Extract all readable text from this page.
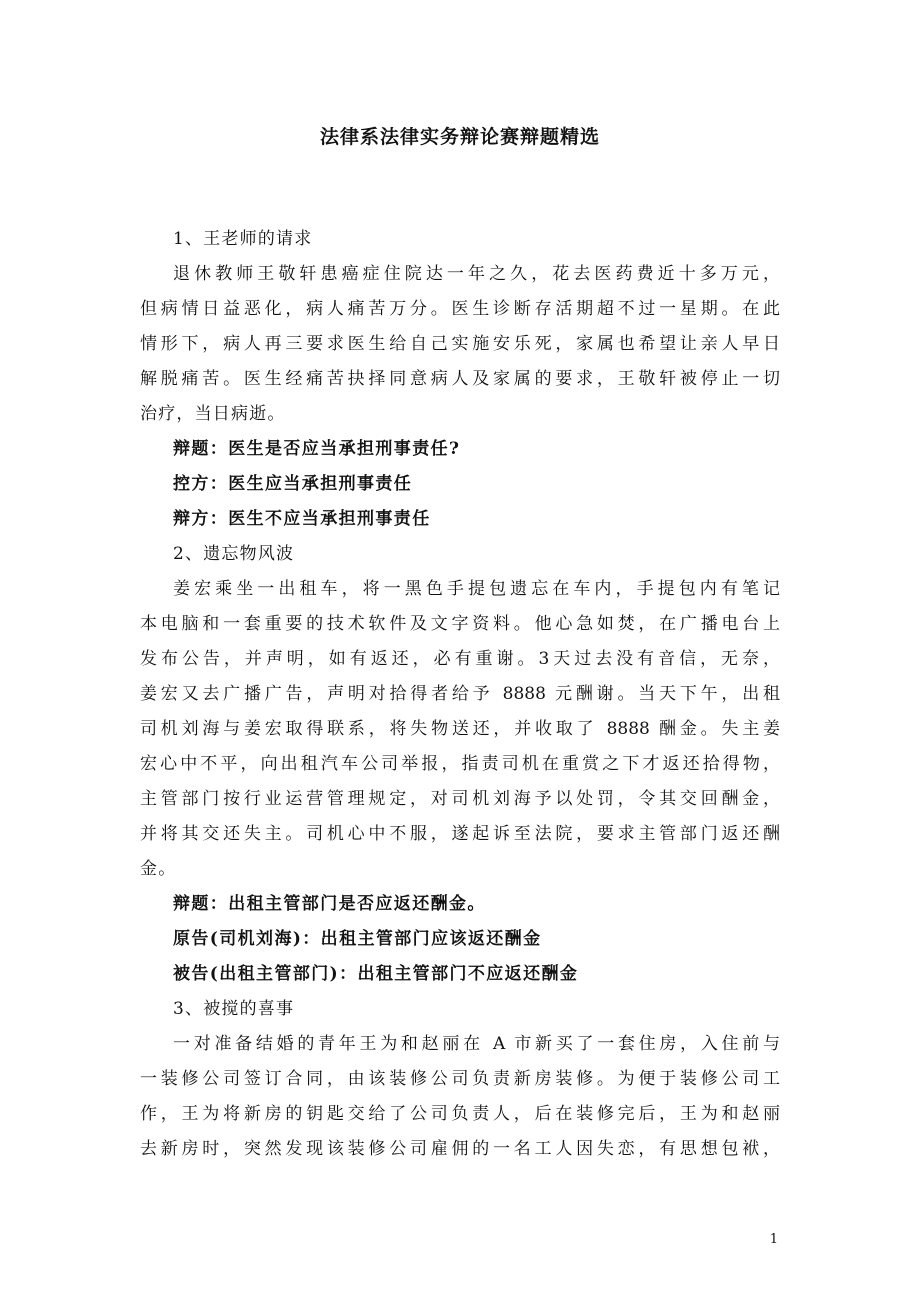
法律系法律实务辩论赛辩题精选
1、王老师的请求
退休教师王敬轩患癌症住院达一年之久，花去医药费近十多万元，
但病情日益恶化，病人痛苦万分。医生诊断存活期超不过一星期。在此
情形下，病人再三要求医生给自己实施安乐死，家属也希望让亲人早日
解脱痛苦。医生经痛苦抉择同意病人及家属的要求，王敬轩被停止一切
治疗，当日病逝。
辩题：医生是否应当承担刑事责任?
控方：医生应当承担刑事责任
辩方：医生不应当承担刑事责任
2、遗忘物风波
姜宏乘坐一出租车，将一黑色手提包遗忘在车内，手提包内有笔记
本电脑和一套重要的技术软件及文字资料。他心急如焚，在广播电台上
发布公告，并声明，如有返还，必有重谢。3天过去没有音信，无奈，
姜宏又去广播广告，声明对拾得者给予 8888 元酬谢。当天下午，出租
司机刘海与姜宏取得联系，将失物送还，并收取了 8888 酬金。失主姜
宏心中不平，向出租汽车公司举报，指责司机在重赏之下才返还拾得物，
主管部门按行业运营管理规定，对司机刘海予以处罚，令其交回酬金，
并将其交还失主。司机心中不服，遂起诉至法院，要求主管部门返还酬
金。
辩题：出租主管部门是否应返还酬金。
原告(司机刘海)：出租主管部门应该返还酬金
被告(出租主管部门)：出租主管部门不应返还酬金
3、被搅的喜事
一对准备结婚的青年王为和赵丽在 A 市新买了一套住房，入住前与
一装修公司签订合同，由该装修公司负责新房装修。为便于装修公司工
作，王为将新房的钥匙交给了公司负责人，后在装修完后，王为和赵丽
去新房时，突然发现该装修公司雇佣的一名工人因失恋，有思想包袱，
1
